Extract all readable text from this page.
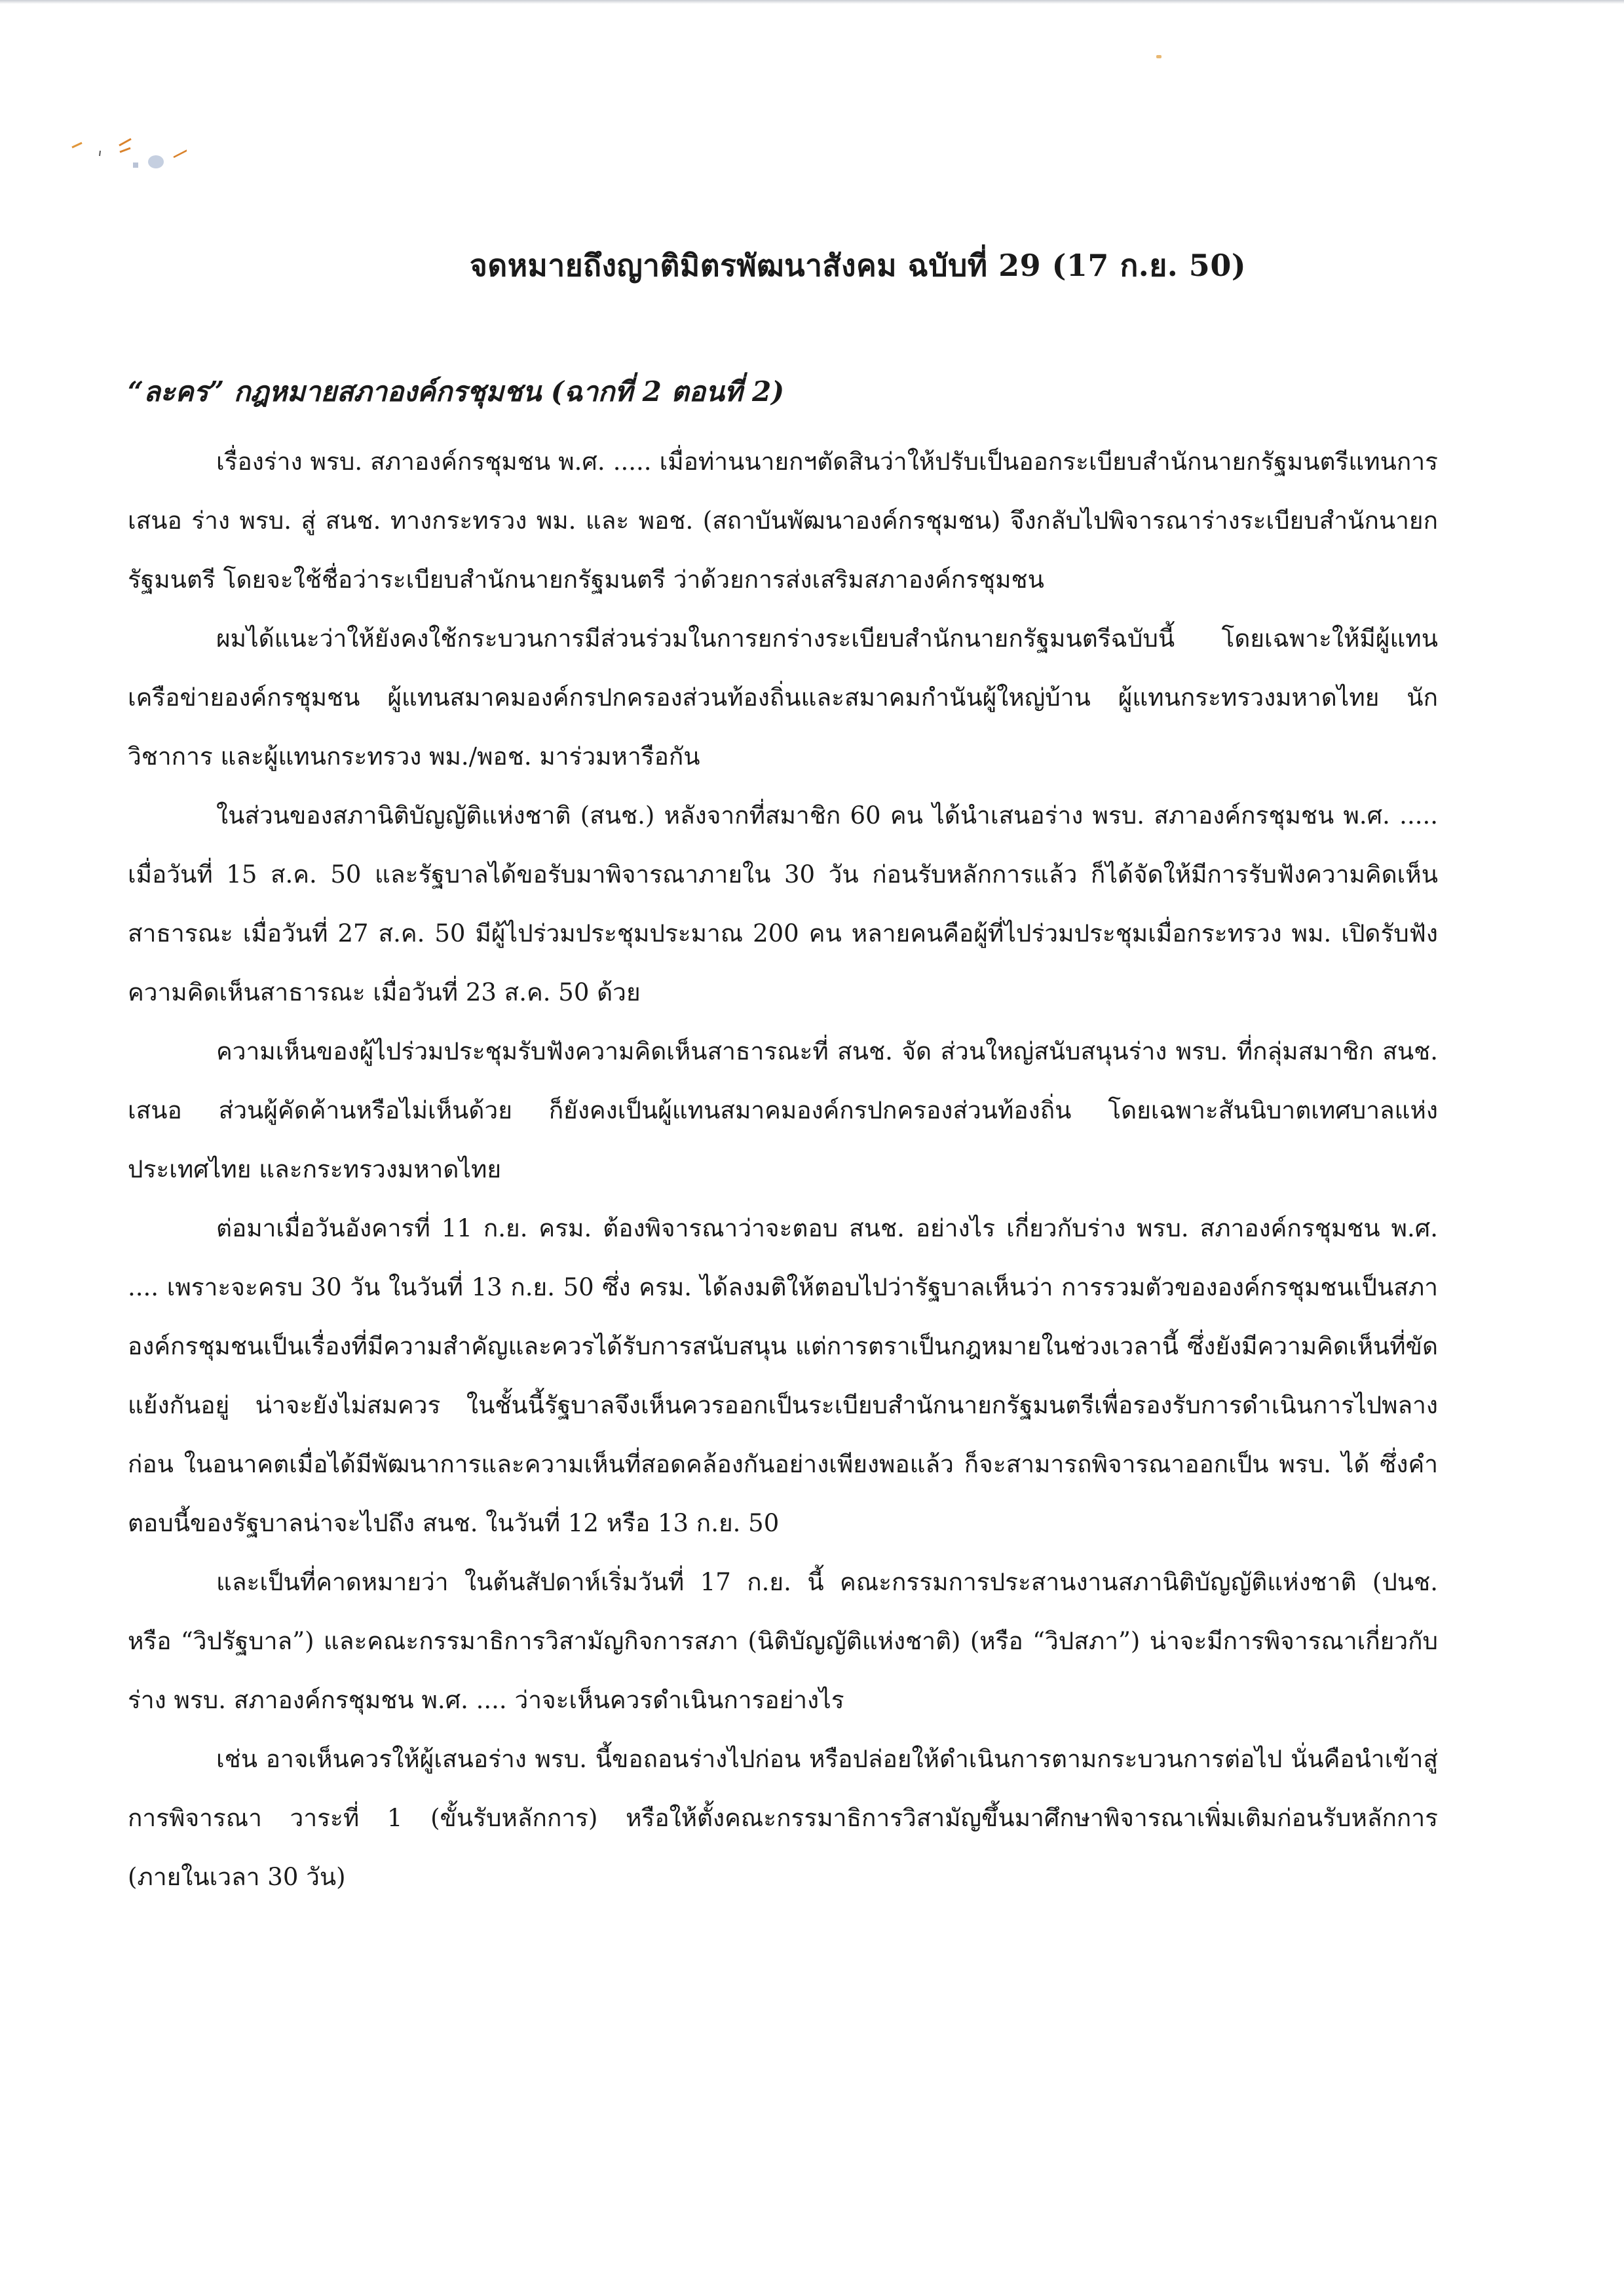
จดหมายถึงญาติมิตรพัฒนาสังคม ฉบับที่ 29 (17 ก.ย. 50)
“ละคร” กฎหมายสภาองค์กรชุมชน (ฉากที่ 2 ตอนที่ 2)

เรื่องร่าง พรบ. สภาองค์กรชุมชน พ.ศ. ..... เมื่อท่านนายกฯตัดสินว่าให้ปรับเป็นออกระเบียบสำนักนายกรัฐมนตรีแทนการเสนอ ร่าง พรบ. สู่ สนช. ทางกระทรวง พม. และ พอช. (สถาบันพัฒนาองค์กรชุมชน) จึงกลับไปพิจารณาร่างระเบียบสำนักนายกรัฐมนตรี โดยจะใช้ชื่อว่าระเบียบสำนักนายกรัฐมนตรี ว่าด้วยการส่งเสริมสภาองค์กรชุมชน

ผมได้แนะว่าให้ยังคงใช้กระบวนการมีส่วนร่วมในการยกร่างระเบียบสำนักนายกรัฐมนตรีฉบับนี้ โดยเฉพาะให้มีผู้แทนเครือข่ายองค์กรชุมชน ผู้แทนสมาคมองค์กรปกครองส่วนท้องถิ่นและสมาคมกำนันผู้ใหญ่บ้าน ผู้แทนกระทรวงมหาดไทย นักวิชาการ และผู้แทนกระทรวง พม./พอช. มาร่วมหารือกัน

ในส่วนของสภานิติบัญญัติแห่งชาติ (สนช.) หลังจากที่สมาชิก 60 คน ได้นำเสนอร่าง พรบ. สภาองค์กรชุมชน พ.ศ. ..... เมื่อวันที่ 15 ส.ค. 50 และรัฐบาลได้ขอรับมาพิจารณาภายใน 30 วัน ก่อนรับหลักการแล้ว ก็ได้จัดให้มีการรับฟังความคิดเห็นสาธารณะ เมื่อวันที่ 27 ส.ค. 50 มีผู้ไปร่วมประชุมประมาณ 200 คน หลายคนคือผู้ที่ไปร่วมประชุมเมื่อกระทรวง พม. เปิดรับฟังความคิดเห็นสาธารณะ เมื่อวันที่ 23 ส.ค. 50 ด้วย

ความเห็นของผู้ไปร่วมประชุมรับฟังความคิดเห็นสาธารณะที่ สนช. จัด ส่วนใหญ่สนับสนุนร่าง พรบ. ที่กลุ่มสมาชิก สนช. เสนอ ส่วนผู้คัดค้านหรือไม่เห็นด้วย ก็ยังคงเป็นผู้แทนสมาคมองค์กรปกครองส่วนท้องถิ่น โดยเฉพาะสันนิบาตเทศบาลแห่งประเทศไทย และกระทรวงมหาดไทย

ต่อมาเมื่อวันอังคารที่ 11 ก.ย. ครม. ต้องพิจารณาว่าจะตอบ สนช. อย่างไร เกี่ยวกับร่าง พรบ. สภาองค์กรชุมชน พ.ศ. .... เพราะจะครบ 30 วัน ในวันที่ 13 ก.ย. 50 ซึ่ง ครม. ได้ลงมติให้ตอบไปว่ารัฐบาลเห็นว่า การรวมตัวขององค์กรชุมชนเป็นสภาองค์กรชุมชนเป็นเรื่องที่มีความสำคัญและควรได้รับการสนับสนุน แต่การตราเป็นกฎหมายในช่วงเวลานี้ ซึ่งยังมีความคิดเห็นที่ขัดแย้งกันอยู่ น่าจะยังไม่สมควร ในชั้นนี้รัฐบาลจึงเห็นควรออกเป็นระเบียบสำนักนายกรัฐมนตรีเพื่อรองรับการดำเนินการไปพลางก่อน ในอนาคตเมื่อได้มีพัฒนาการและความเห็นที่สอดคล้องกันอย่างเพียงพอแล้ว ก็จะสามารถพิจารณาออกเป็น พรบ. ได้ ซึ่งคำตอบนี้ของรัฐบาลน่าจะไปถึง สนช. ในวันที่ 12 หรือ 13 ก.ย. 50

และเป็นที่คาดหมายว่า ในต้นสัปดาห์เริ่มวันที่ 17 ก.ย. นี้ คณะกรรมการประสานงานสภานิติบัญญัติแห่งชาติ (ปนช. หรือ “วิปรัฐบาล”) และคณะกรรมาธิการวิสามัญกิจการสภา (นิติบัญญัติแห่งชาติ) (หรือ “วิปสภา”) น่าจะมีการพิจารณาเกี่ยวกับ ร่าง พรบ. สภาองค์กรชุมชน พ.ศ. .... ว่าจะเห็นควรดำเนินการอย่างไร

เช่น อาจเห็นควรให้ผู้เสนอร่าง พรบ. นี้ขอถอนร่างไปก่อน หรือปล่อยให้ดำเนินการตามกระบวนการต่อไป นั่นคือนำเข้าสู่การพิจารณา วาระที่ 1 (ขั้นรับหลักการ) หรือให้ตั้งคณะกรรมาธิการวิสามัญขึ้นมาศึกษาพิจารณาเพิ่มเติมก่อนรับหลักการ (ภายในเวลา 30 วัน)
